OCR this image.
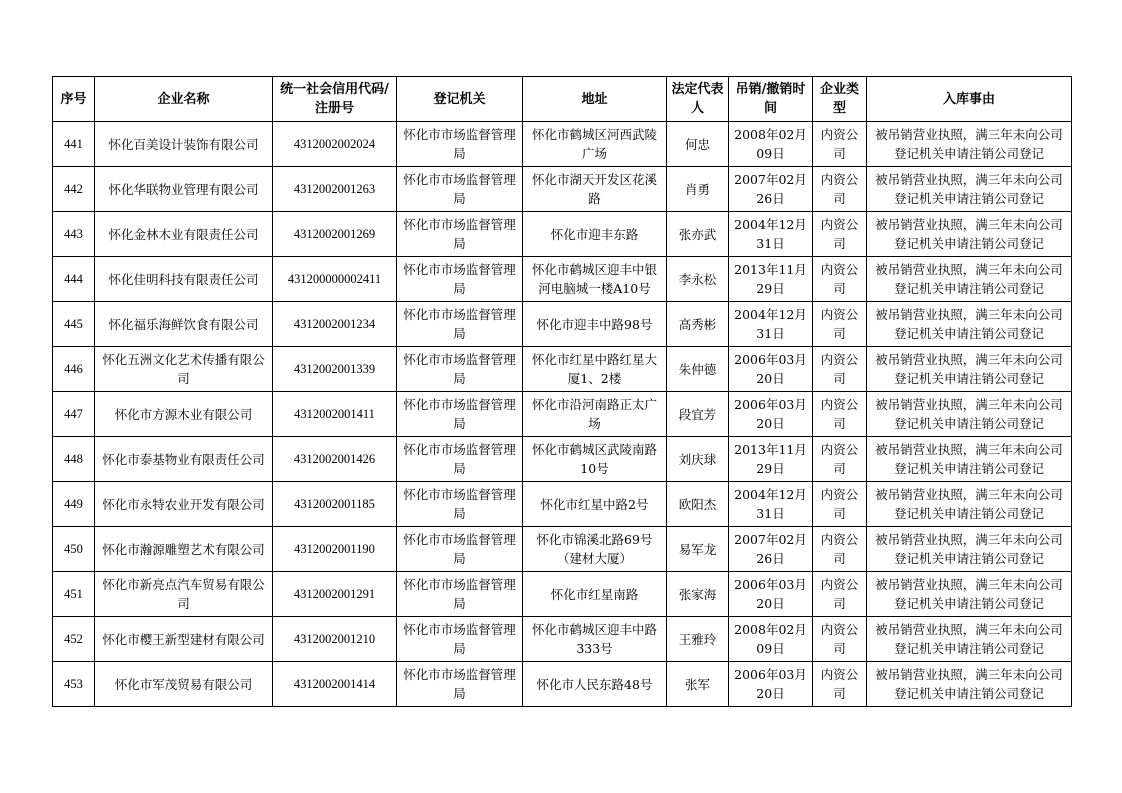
序号	企业名称	统一社会信用代码/注册号	登记机关	地址	法定代表人	吊销/撤销时间	企业类型	入库事由
441	怀化百美设计装饰有限公司	4312002002024	怀化市市场监督管理局	怀化市鹤城区河西武陵广场	何忠	2008年02月09日	内资公司	被吊销营业执照，满三年未向公司登记机关申请注销公司登记
442	怀化华联物业管理有限公司	4312002001263	怀化市市场监督管理局	怀化市湖天开发区花溪路	肖勇	2007年02月26日	内资公司	被吊销营业执照，满三年未向公司登记机关申请注销公司登记
443	怀化金林木业有限责任公司	4312002001269	怀化市市场监督管理局	怀化市迎丰东路	张亦武	2004年12月31日	内资公司	被吊销营业执照，满三年未向公司登记机关申请注销公司登记
444	怀化佳明科技有限责任公司	431200000002411	怀化市市场监督管理局	怀化市鹤城区迎丰中银河电脑城一楼A10号	李永松	2013年11月29日	内资公司	被吊销营业执照，满三年未向公司登记机关申请注销公司登记
445	怀化福乐海鲜饮食有限公司	4312002001234	怀化市市场监督管理局	怀化市迎丰中路98号	高秀彬	2004年12月31日	内资公司	被吊销营业执照，满三年未向公司登记机关申请注销公司登记
446	怀化五洲文化艺术传播有限公司	4312002001339	怀化市市场监督管理局	怀化市红星中路红星大厦1、2楼	朱仲德	2006年03月20日	内资公司	被吊销营业执照，满三年未向公司登记机关申请注销公司登记
447	怀化市方源木业有限公司	4312002001411	怀化市市场监督管理局	怀化市沿河南路正太广场	段宜芳	2006年03月20日	内资公司	被吊销营业执照，满三年未向公司登记机关申请注销公司登记
448	怀化市泰基物业有限责任公司	4312002001426	怀化市市场监督管理局	怀化市鹤城区武陵南路10号	刘庆球	2013年11月29日	内资公司	被吊销营业执照，满三年未向公司登记机关申请注销公司登记
449	怀化市永特农业开发有限公司	4312002001185	怀化市市场监督管理局	怀化市红星中路2号	欧阳杰	2004年12月31日	内资公司	被吊销营业执照，满三年未向公司登记机关申请注销公司登记
450	怀化市瀚源雕塑艺术有限公司	4312002001190	怀化市市场监督管理局	怀化市锦溪北路69号（建材大厦）	易军龙	2007年02月26日	内资公司	被吊销营业执照，满三年未向公司登记机关申请注销公司登记
451	怀化市新亮点汽车贸易有限公司	4312002001291	怀化市市场监督管理局	怀化市红星南路	张家海	2006年03月20日	内资公司	被吊销营业执照，满三年未向公司登记机关申请注销公司登记
452	怀化市樱王新型建材有限公司	4312002001210	怀化市市场监督管理局	怀化市鹤城区迎丰中路333号	王雅玲	2008年02月09日	内资公司	被吊销营业执照，满三年未向公司登记机关申请注销公司登记
453	怀化市军茂贸易有限公司	4312002001414	怀化市市场监督管理局	怀化市人民东路48号	张军	2006年03月20日	内资公司	被吊销营业执照，满三年未向公司登记机关申请注销公司登记
